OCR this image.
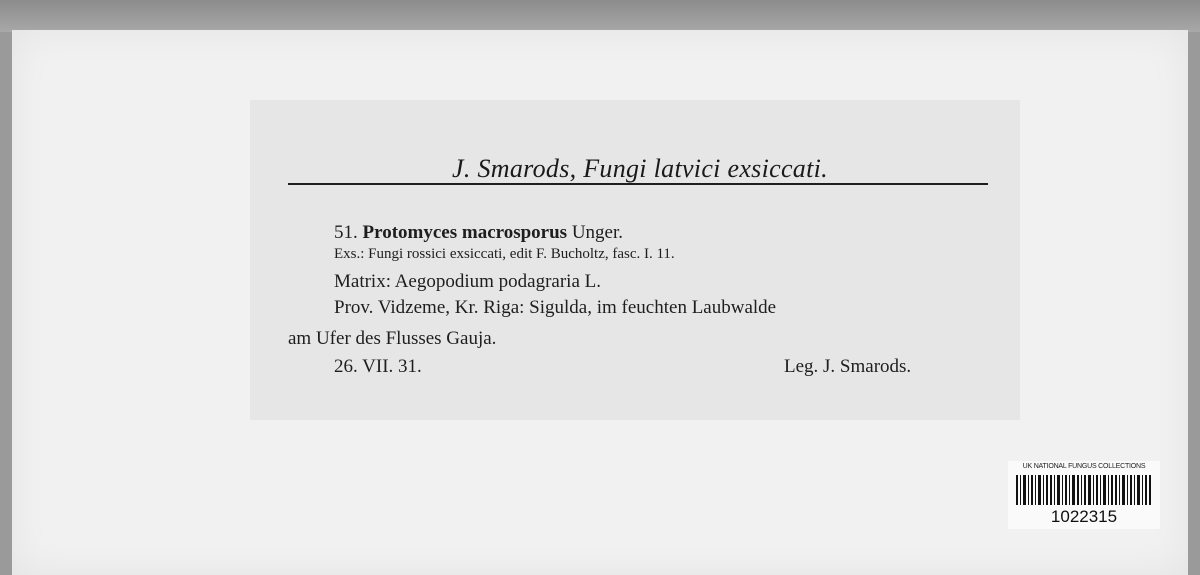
J. Smarods, Fungi latvici exsiccati.
51. Protomyces macrosporus Unger.
Exs.: Fungi rossici exsiccati, edit F. Bucholtz, fasc. I. 11.
Matrix: Aegopodium podagraria L.
Prov. Vidzeme, Kr. Riga: Sigulda, im feuchten Laubwalde
am Ufer des Flusses Gauja.
26. VII. 31.	Leg. J. Smarods.
UK NATIONAL FUNGUS COLLECTIONS
1022315
